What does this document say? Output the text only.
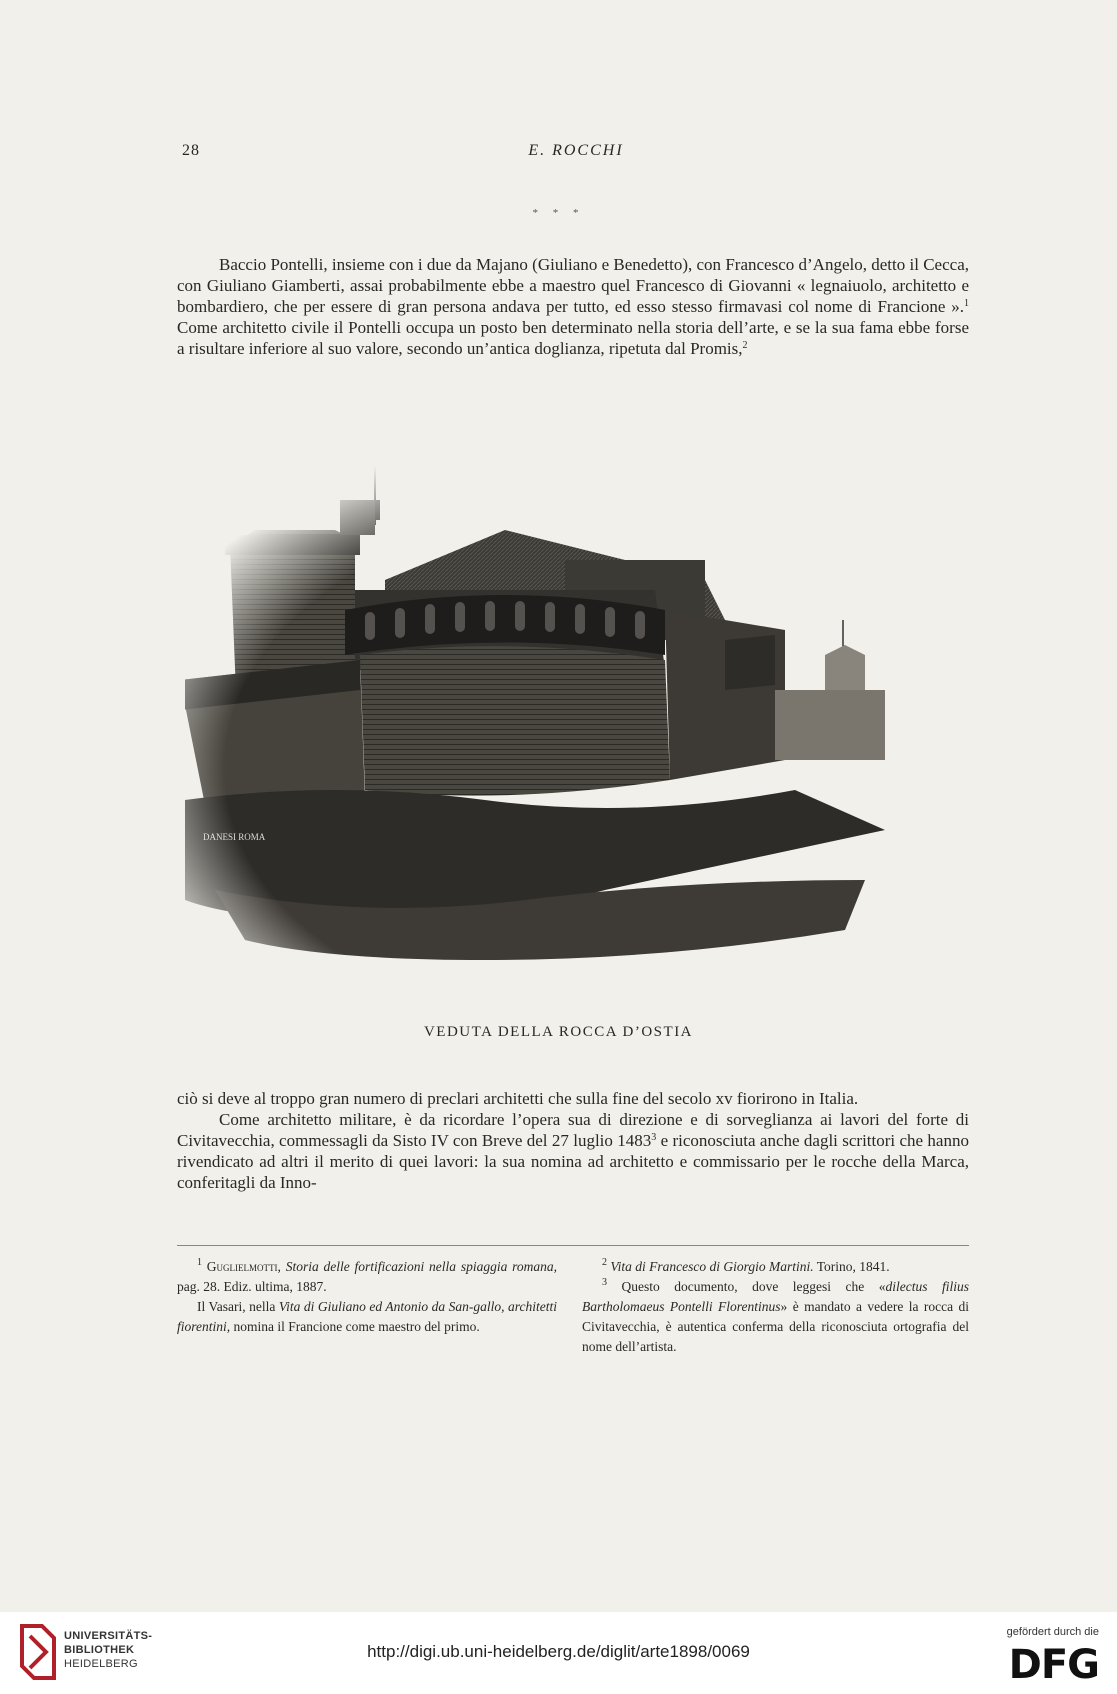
28	E. ROCCHI
* * *

Baccio Pontelli, insieme con i due da Majano (Giuliano e Benedetto), con Francesco d’Angelo, detto il Cecca, con Giuliano Giamberti, assai probabilmente ebbe a maestro quel Francesco di Giovanni « legnaiuolo, architetto e bombardiero, che per essere di gran persona andava per tutto, ed esso stesso firmavasi col nome di Francione ».$^1$ Come architetto civile il Pontelli occupa un posto ben determinato nella storia dell’arte, e se la sua fama ebbe forse a risultare inferiore al suo valore, secondo un’antica doglianza, ripetuta dal Promis,$^2$

VEDUTA DELLA ROCCA D’OSTIA

ciò si deve al troppo gran numero di preclari architetti che sulla fine del secolo xv fiorirono in Italia.

Come architetto militare, è da ricordare l’opera sua di direzione e di sorveglianza ai lavori del forte di Civitavecchia, commessagli da Sisto IV con Breve del 27 luglio 1483$^3$ e riconosciuta anche dagli scrittori che hanno rivendicato ad altri il merito di quei lavori: la sua nomina ad architetto e commissario per le rocche della Marca, conferitagli da Inno-

$^1$ Guglielmotti, Storia delle fortificazioni nella spiaggia romana, pag. 28. Ediz. ultima, 1887.

Il Vasari, nella Vita di Giuliano ed Antonio da San-gallo, architetti fiorentini, nomina il Francione come maestro del primo.

$^2$ Vita di Francesco di Giorgio Martini. Torino, 1841.

$^3$ Questo documento, dove leggesi che «dilectus filius Bartholomaeus Pontelli Florentinus» è mandato a vedere la rocca di Civitavecchia, è autentica conferma della riconosciuta ortografia del nome dell’artista.

UNIVERSITÄTS-
BIBLIOTHEK
HEIDELBERG
http://digi.ub.uni-heidelberg.de/diglit/arte1898/0069
gefördert durch die
DFG
